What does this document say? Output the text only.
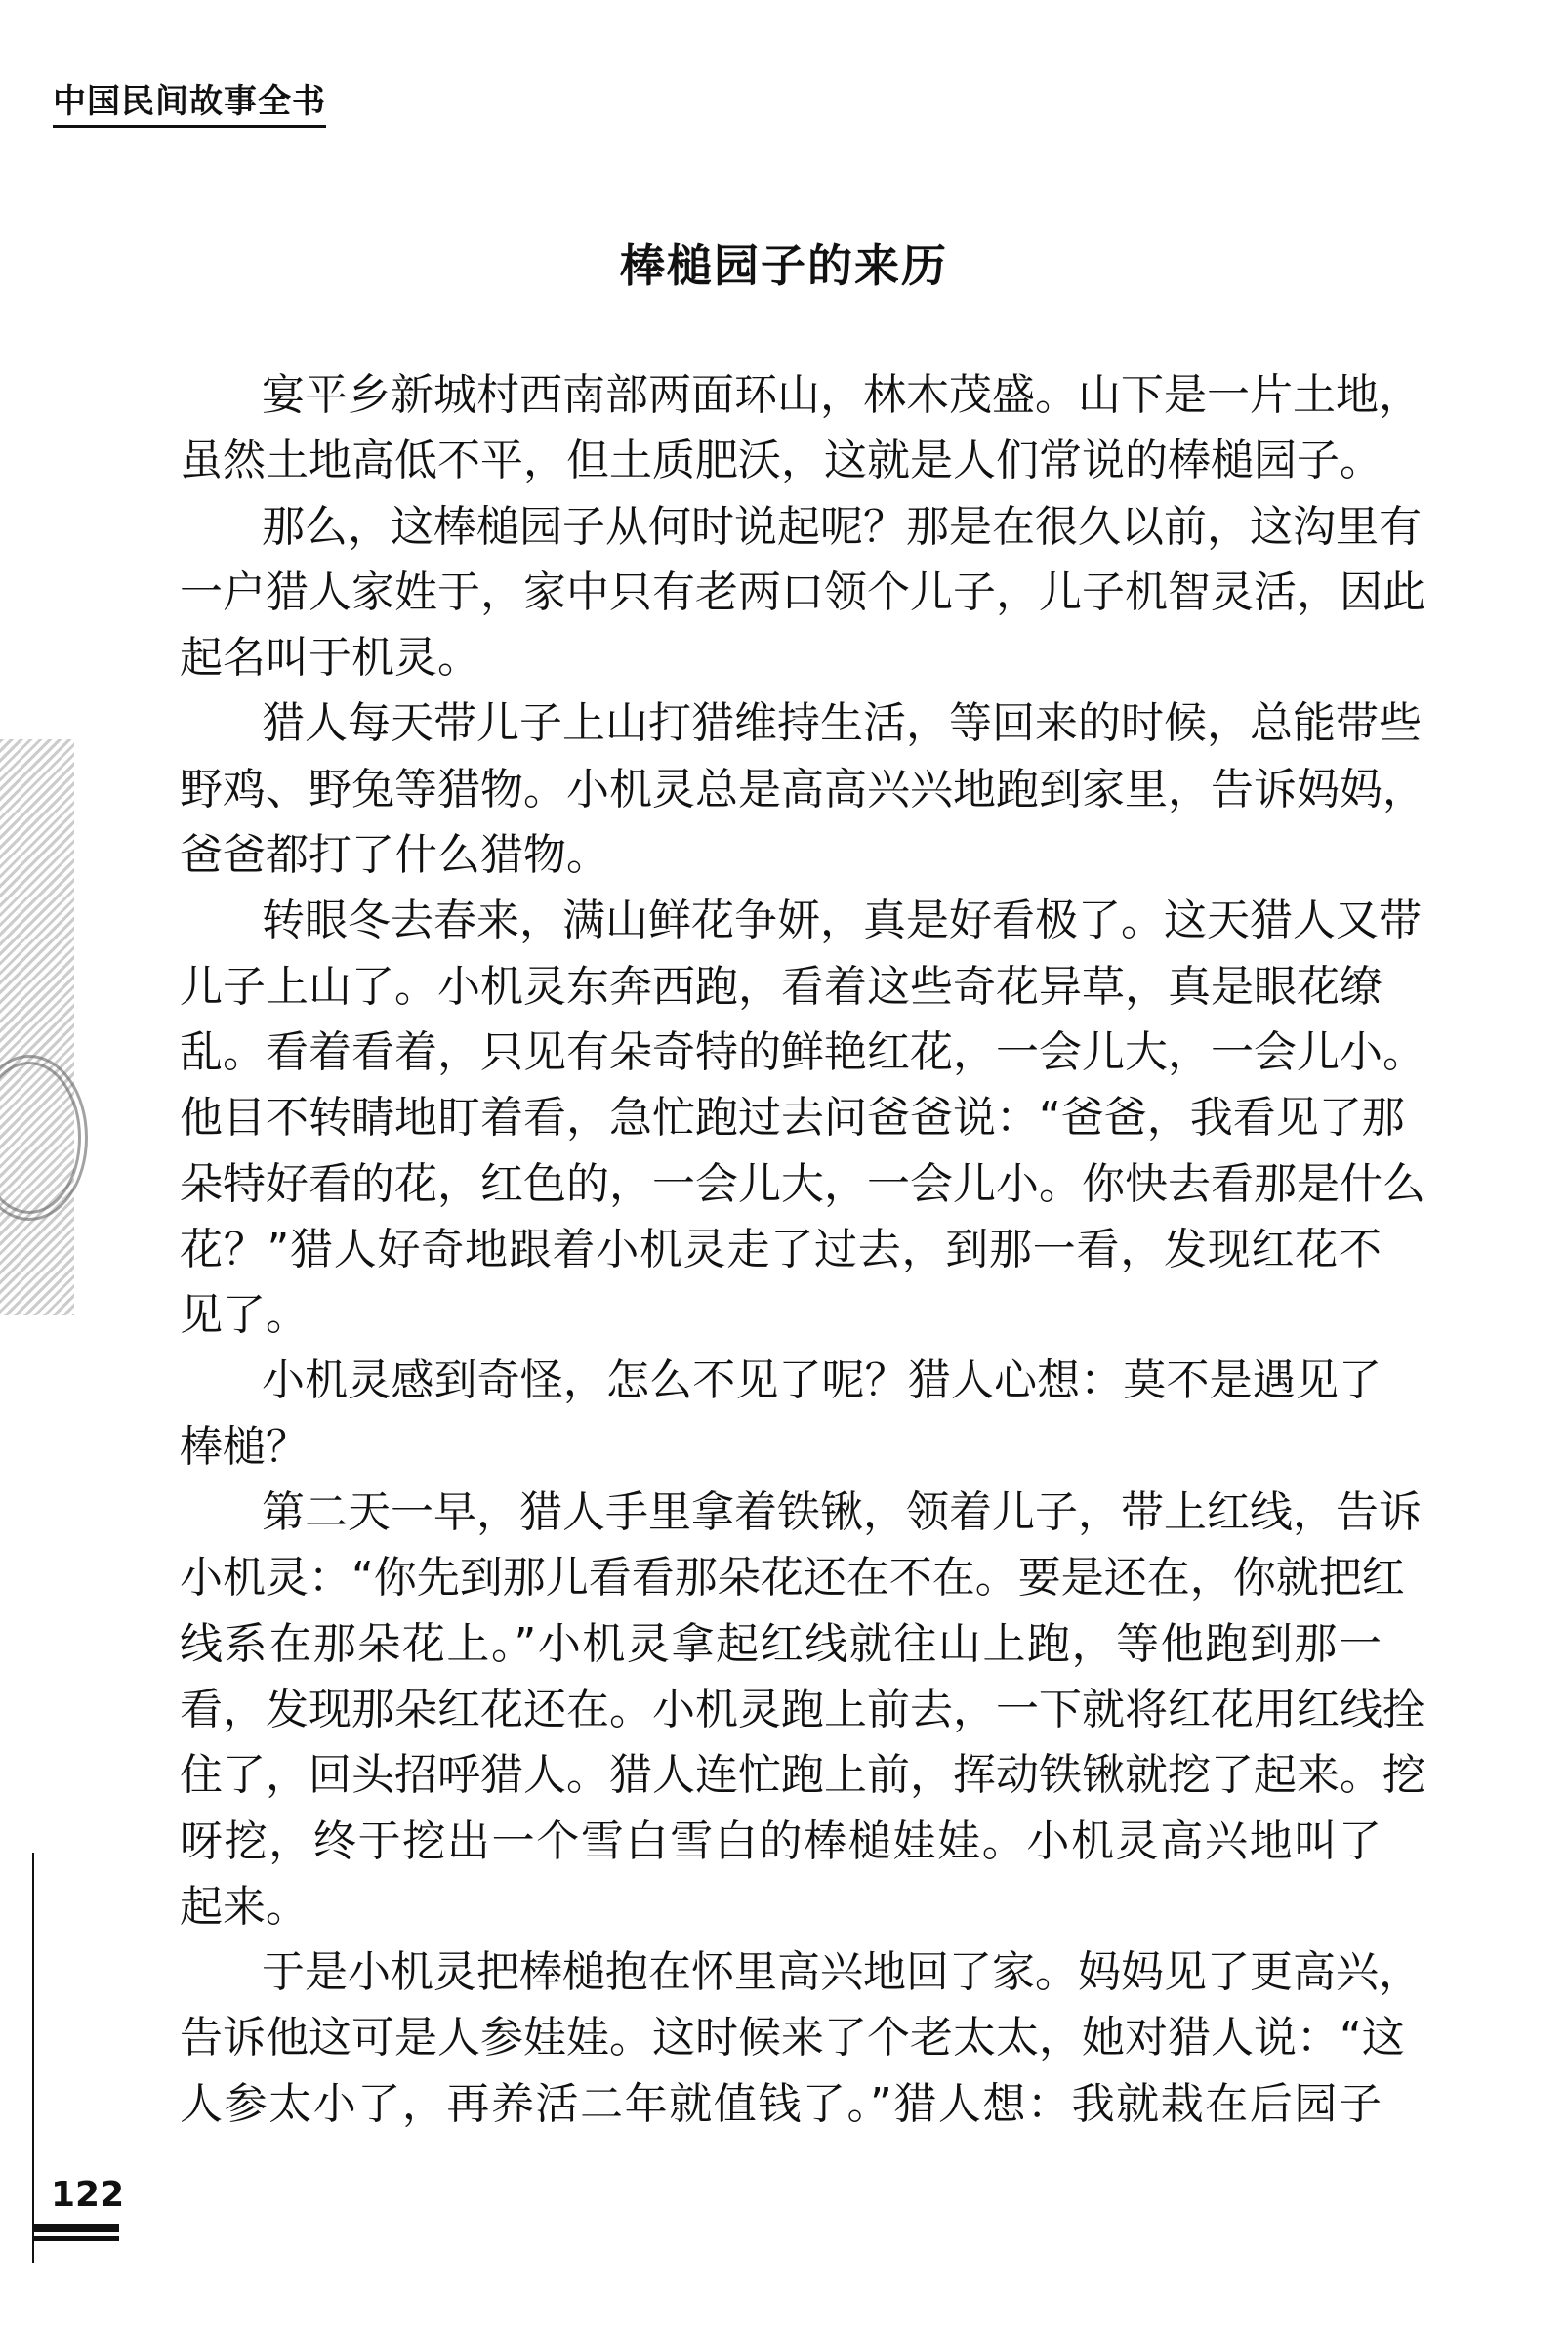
中国民间故事全书
棒槌园子的来历
宴平乡新城村西南部两面环山，林木茂盛。山下是一片土地，
虽然土地高低不平，但土质肥沃，这就是人们常说的棒槌园子。
那么，这棒槌园子从何时说起呢？那是在很久以前，这沟里有
一户猎人家姓于，家中只有老两口领个儿子，儿子机智灵活，因此
起名叫于机灵。
猎人每天带儿子上山打猎维持生活，等回来的时候，总能带些
野鸡、野兔等猎物。小机灵总是高高兴兴地跑到家里，告诉妈妈，
爸爸都打了什么猎物。
转眼冬去春来，满山鲜花争妍，真是好看极了。这天猎人又带
儿子上山了。小机灵东奔西跑，看着这些奇花异草，真是眼花缭
乱。看着看着，只见有朵奇特的鲜艳红花，一会儿大，一会儿小。
他目不转睛地盯着看，急忙跑过去问爸爸说：“爸爸，我看见了那
朵特好看的花，红色的，一会儿大，一会儿小。你快去看那是什么
花？”猎人好奇地跟着小机灵走了过去，到那一看，发现红花不
见了。
小机灵感到奇怪，怎么不见了呢？猎人心想：莫不是遇见了
棒槌？
第二天一早，猎人手里拿着铁锹，领着儿子，带上红线，告诉
小机灵：“你先到那儿看看那朵花还在不在。要是还在，你就把红
线系在那朵花上。”小机灵拿起红线就往山上跑，等他跑到那一
看，发现那朵红花还在。小机灵跑上前去，一下就将红花用红线拴
住了，回头招呼猎人。猎人连忙跑上前，挥动铁锹就挖了起来。挖
呀挖，终于挖出一个雪白雪白的棒槌娃娃。小机灵高兴地叫了
起来。
于是小机灵把棒槌抱在怀里高兴地回了家。妈妈见了更高兴，
告诉他这可是人参娃娃。这时候来了个老太太，她对猎人说：“这
人参太小了，再养活二年就值钱了。”猎人想：我就栽在后园子
122
